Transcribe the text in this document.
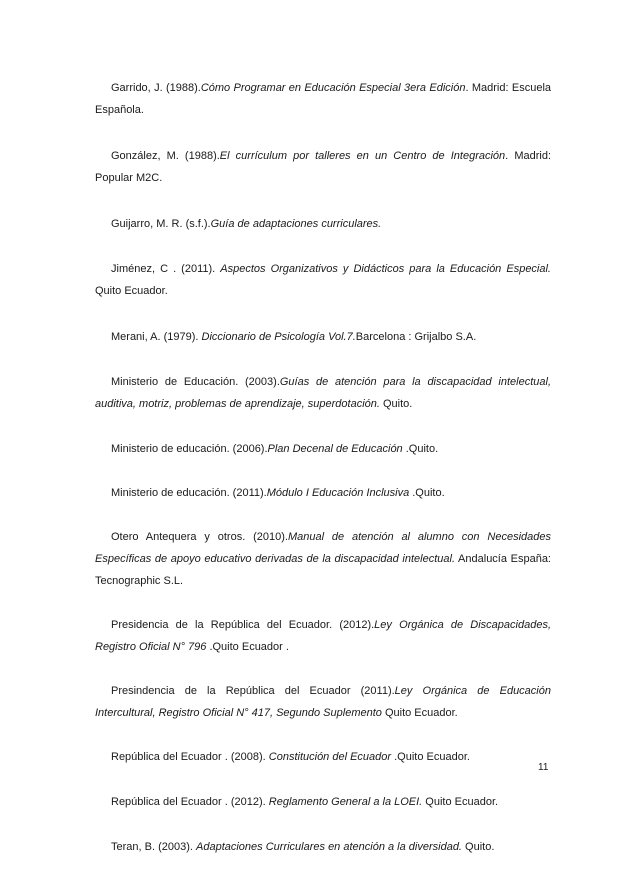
Garrido, J. (1988).Cómo Programar en Educación Especial 3era Edición. Madrid: Escuela Española.

González, M. (1988).El currículum por talleres en un Centro de Integración. Madrid: Popular M2C.

Guijarro, M. R. (s.f.).Guía de adaptaciones curriculares.

Jiménez, C . (2011). Aspectos Organizativos y Didácticos para la Educación Especial. Quito Ecuador.

Merani, A. (1979). Diccionario de Psicología Vol.7.Barcelona : Grijalbo S.A.

Ministerio de Educación. (2003).Guías de atención para la discapacidad intelectual, auditiva, motriz, problemas de aprendizaje, superdotación. Quito.

Ministerio de educación. (2006).Plan Decenal de Educación .Quito.

Ministerio de educación. (2011).Módulo I Educación Inclusiva .Quito.

Otero Antequera y otros. (2010).Manual de atención al alumno con Necesidades Específicas de apoyo educativo derivadas de la discapacidad intelectual. Andalucía España: Tecnographic S.L.

Presidencia de la República del Ecuador. (2012).Ley Orgánica de Discapacidades, Registro Oficial N° 796 .Quito Ecuador .

Presindencia de la República del Ecuador (2011).Ley Orgánica de Educación Intercultural, Registro Oficial N° 417, Segundo Suplemento Quito Ecuador.

República del Ecuador . (2008). Constitución del Ecuador .Quito Ecuador.

República del Ecuador . (2012). Reglamento General a la LOEI. Quito Ecuador.

Teran, B. (2003). Adaptaciones Curriculares en atención a la diversidad. Quito.

11
